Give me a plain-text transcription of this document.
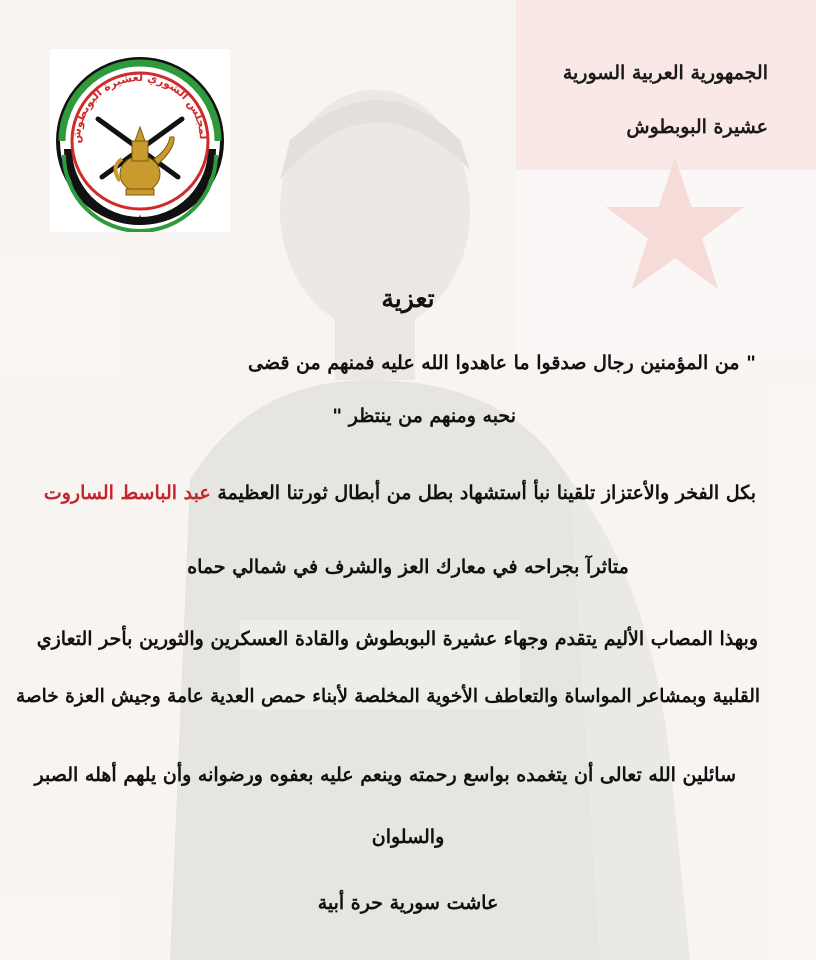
لمجلس الشوري لعشيرة البوبطوش
★ ★ ★
الجمهورية العربية السورية
عشيرة البوبطوش
تعزية
" من المؤمنين رجال صدقوا ما عاهدوا الله عليه فمنهم من قضى
نحبه ومنهم من ينتظر "
بكل الفخر والأعتزاز تلقينا نبأ أستشهاد بطل من أبطال ثورتنا العظيمة عبد الباسط الساروت
متاثرآ بجراحه في معارك العز والشرف في شمالي حماه
وبهذا المصاب الأليم يتقدم وجهاء عشيرة البوبطوش والقادة العسكرين والثورين بأحر التعازي
القلبية وبمشاعر المواساة والتعاطف الأخوية المخلصة لأبناء حمص العدية عامة وجيش العزة خاصة
سائلين الله تعالى أن يتغمده بواسع رحمته وينعم عليه بعفوه ورضوانه وأن يلهم أهله الصبر
والسلوان
عاشت سورية حرة أبية
